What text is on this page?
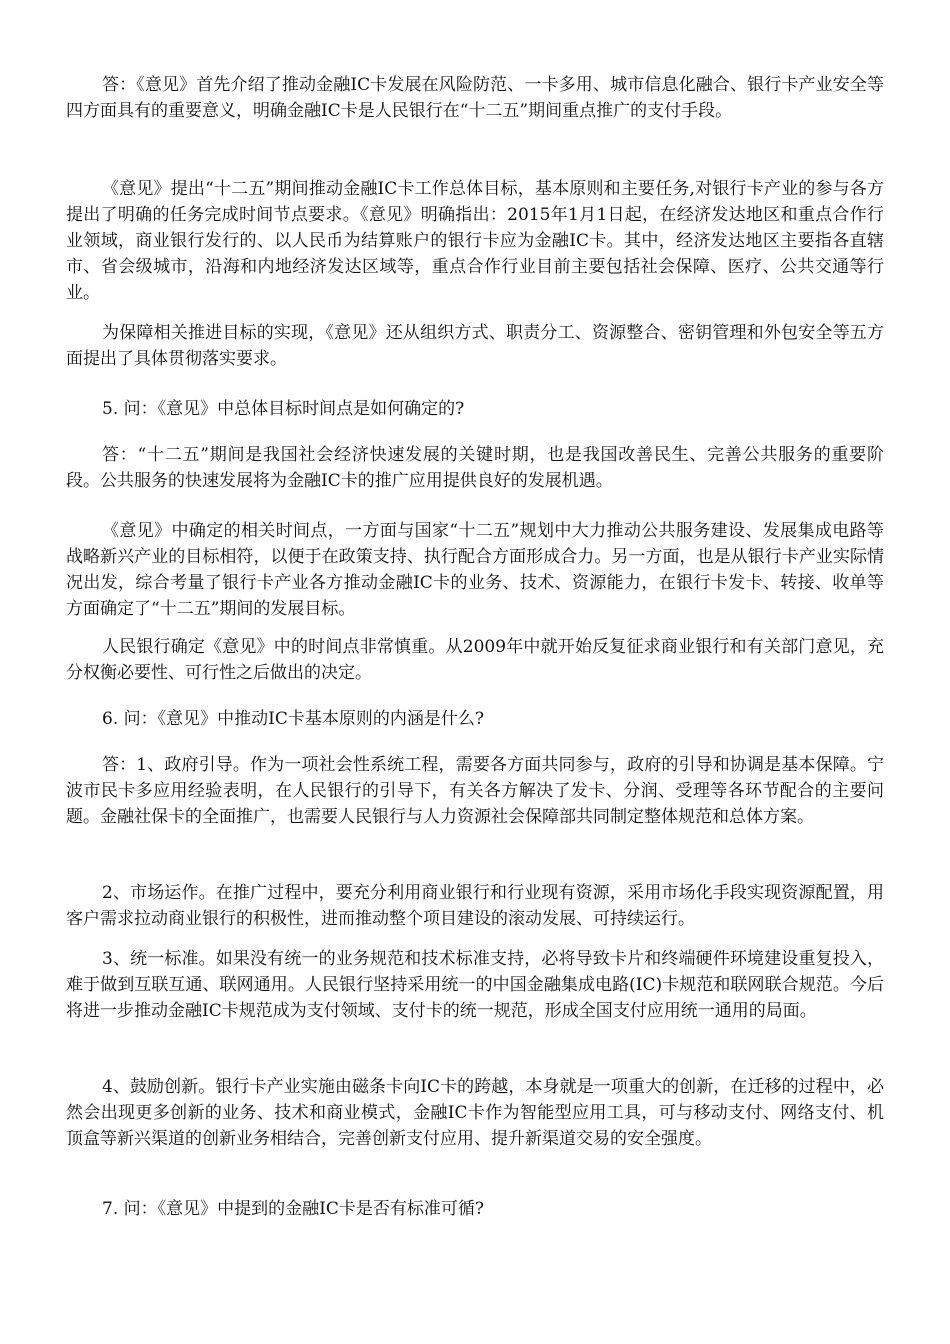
答：《意见》首先介绍了推动金融IC卡发展在风险防范、一卡多用、城市信息化融合、银行卡产业安全等四方面具有的重要意义，明确金融IC卡是人民银行在“十二五”期间重点推广的支付手段。

《意见》提出“十二五”期间推动金融IC卡工作总体目标，基本原则和主要任务,对银行卡产业的参与各方提出了明确的任务完成时间节点要求。《意见》明确指出：2015年1月1日起，在经济发达地区和重点合作行业领域，商业银行发行的、以人民币为结算账户的银行卡应为金融IC卡。其中，经济发达地区主要指各直辖市、省会级城市，沿海和内地经济发达区域等，重点合作行业目前主要包括社会保障、医疗、公共交通等行业。

为保障相关推进目标的实现，《意见》还从组织方式、职责分工、资源整合、密钥管理和外包安全等五方面提出了具体贯彻落实要求。

5. 问：《意见》中总体目标时间点是如何确定的?

答：“十二五”期间是我国社会经济快速发展的关键时期，也是我国改善民生、完善公共服务的重要阶段。公共服务的快速发展将为金融IC卡的推广应用提供良好的发展机遇。

《意见》中确定的相关时间点，一方面与国家“十二五”规划中大力推动公共服务建设、发展集成电路等战略新兴产业的目标相符，以便于在政策支持、执行配合方面形成合力。另一方面，也是从银行卡产业实际情况出发，综合考量了银行卡产业各方推动金融IC卡的业务、技术、资源能力，在银行卡发卡、转接、收单等方面确定了“十二五”期间的发展目标。

人民银行确定《意见》中的时间点非常慎重。从2009年中就开始反复征求商业银行和有关部门意见，充分权衡必要性、可行性之后做出的决定。

6. 问：《意见》中推动IC卡基本原则的内涵是什么?

答：1、政府引导。作为一项社会性系统工程，需要各方面共同参与，政府的引导和协调是基本保障。宁波市民卡多应用经验表明，在人民银行的引导下，有关各方解决了发卡、分润、受理等各环节配合的主要问题。金融社保卡的全面推广，也需要人民银行与人力资源社会保障部共同制定整体规范和总体方案。

2、市场运作。在推广过程中，要充分利用商业银行和行业现有资源，采用市场化手段实现资源配置，用客户需求拉动商业银行的积极性，进而推动整个项目建设的滚动发展、可持续运行。

3、统一标准。如果没有统一的业务规范和技术标准支持，必将导致卡片和终端硬件环境建设重复投入，难于做到互联互通、联网通用。人民银行坚持采用统一的中国金融集成电路(IC)卡规范和联网联合规范。今后将进一步推动金融IC卡规范成为支付领域、支付卡的统一规范，形成全国支付应用统一通用的局面。

4、鼓励创新。银行卡产业实施由磁条卡向IC卡的跨越，本身就是一项重大的创新，在迁移的过程中，必然会出现更多创新的业务、技术和商业模式，金融IC卡作为智能型应用工具，可与移动支付、网络支付、机顶盒等新兴渠道的创新业务相结合，完善创新支付应用、提升新渠道交易的安全强度。

7. 问：《意见》中提到的金融IC卡是否有标准可循?
